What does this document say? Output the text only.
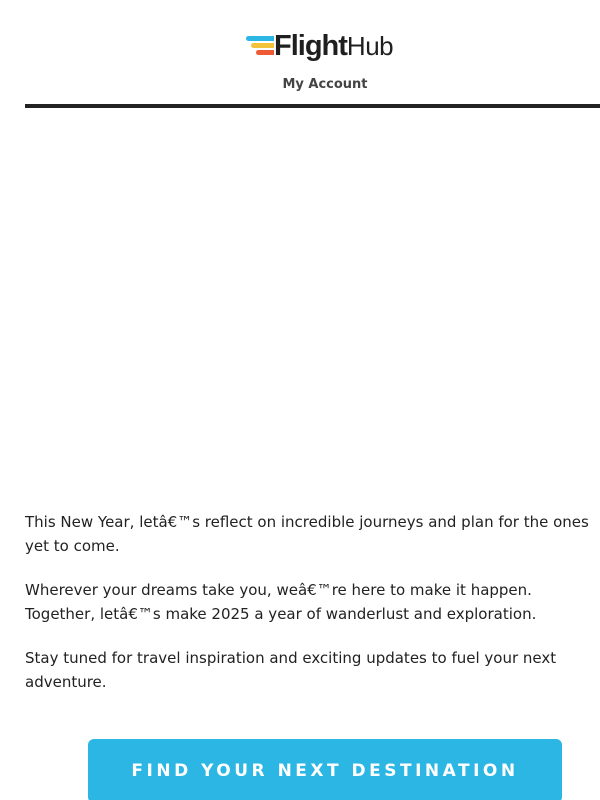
Flight Hub
My Account

This New Year, letâ€™s reflect on incredible journeys and plan for the ones yet to come.

Wherever your dreams take you, weâ€™re here to make it happen. Together, letâ€™s make 2025 a year of wanderlust and exploration.

Stay tuned for travel inspiration and exciting updates to fuel your next adventure.

FIND YOUR NEXT DESTINATION
